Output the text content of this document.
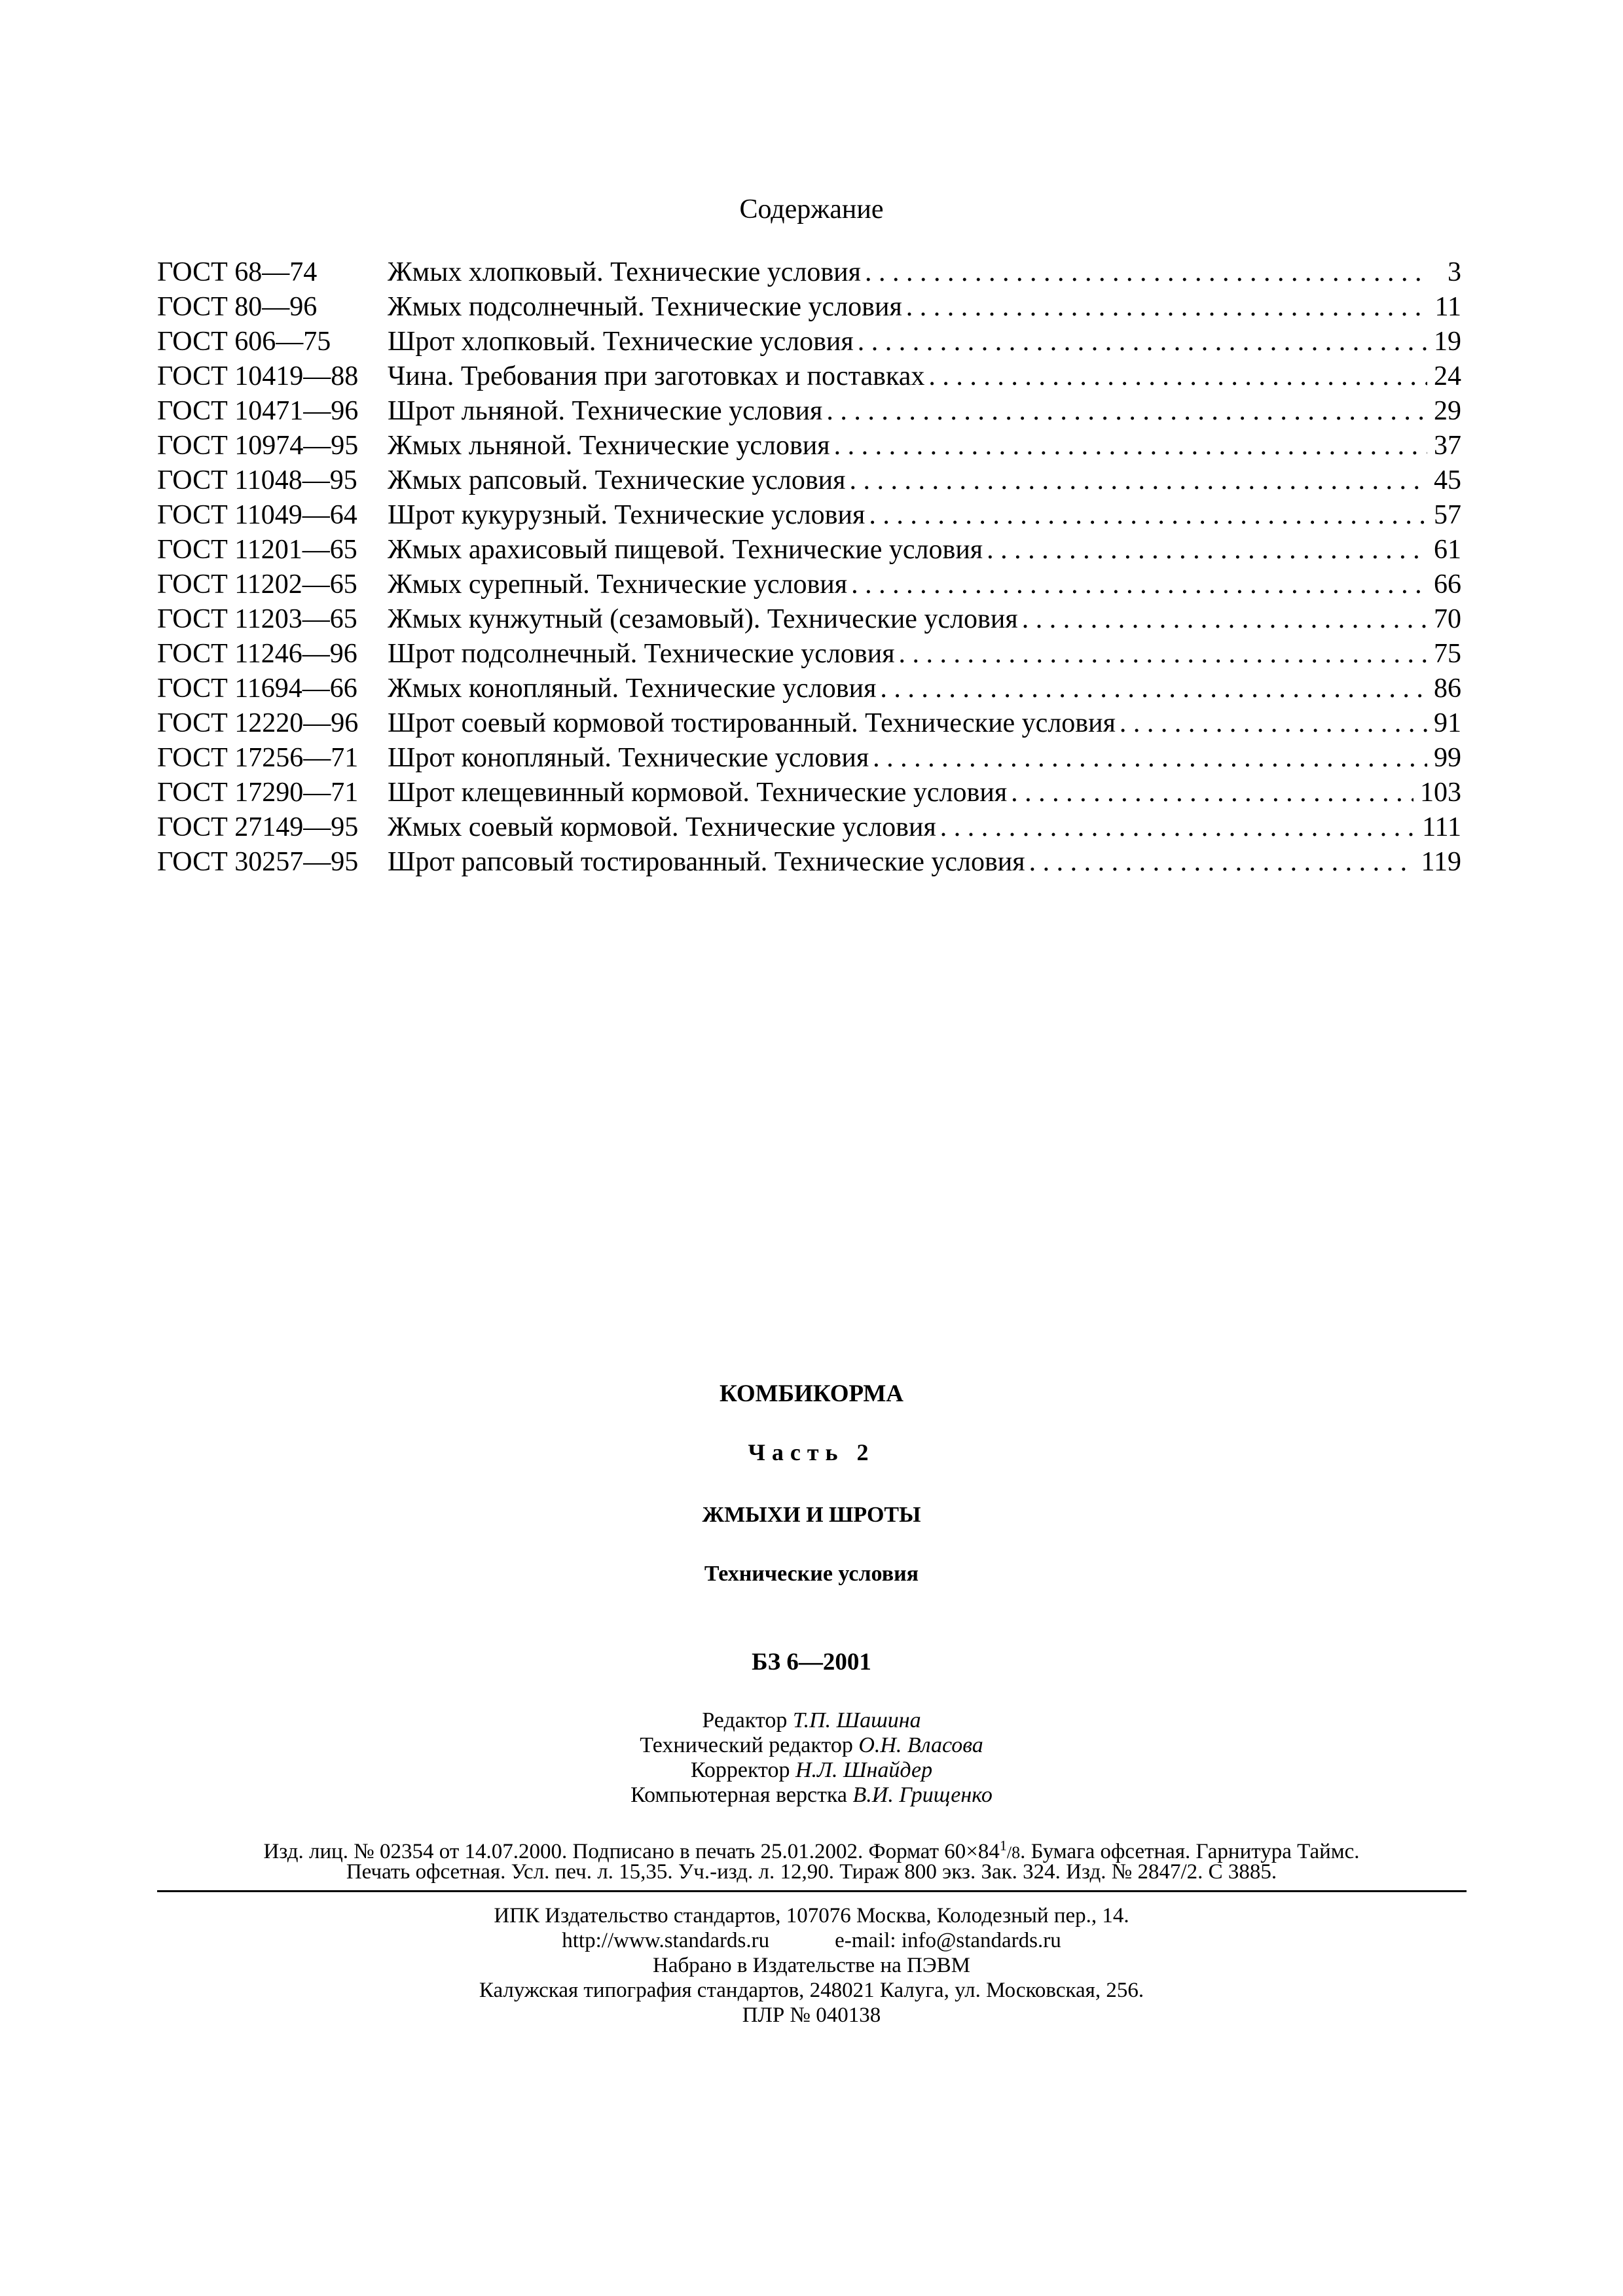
Содержание
ГОСТ 68—74	Жмых хлопковый. Технические условия . . .	3
ГОСТ 80—96	Жмых подсолнечный. Технические условия . . .	11
ГОСТ 606—75	Шрот хлопковый. Технические условия . . .	19
ГОСТ 10419—88	Чина. Требования при заготовках и поставках . . .	24
ГОСТ 10471—96	Шрот льняной. Технические условия . . .	29
ГОСТ 10974—95	Жмых льняной. Технические условия . . .	37
ГОСТ 11048—95	Жмых рапсовый. Технические условия . . .	45
ГОСТ 11049—64	Шрот кукурузный. Технические условия . . .	57
ГОСТ 11201—65	Жмых арахисовый пищевой. Технические условия . . .	61
ГОСТ 11202—65	Жмых сурепный. Технические условия . . .	66
ГОСТ 11203—65	Жмых кунжутный (сезамовый). Технические условия . . .	70
ГОСТ 11246—96	Шрот подсолнечный. Технические условия . . .	75
ГОСТ 11694—66	Жмых конопляный. Технические условия . . .	86
ГОСТ 12220—96	Шрот соевый кормовой тостированный. Технические условия . . .	91
ГОСТ 17256—71	Шрот конопляный. Технические условия . . .	99
ГОСТ 17290—71	Шрот клещевинный кормовой. Технические условия . . .	103
ГОСТ 27149—95	Жмых соевый кормовой. Технические условия . . .	111
ГОСТ 30257—95	Шрот рапсовый тостированный. Технические условия . . .	119
КОМБИКОРМА
Часть 2
ЖМЫХИ И ШРОТЫ
Технические условия
БЗ 6—2001
Редактор Т.П. Шашина
Технический редактор О.Н. Власова
Корректор Н.Л. Шнайдер
Компьютерная верстка В.И. Грищенко
Изд. лиц. № 02354 от 14.07.2000. Подписано в печать 25.01.2002. Формат $60\times 84^1/8$. Бумага офсетная. Гарнитура Таймс.
Печать офсетная. Усл. печ. л. 15,35. Уч.-изд. л. 12,90. Тираж 800 экз. Зак. 324. Изд. № 2847/2. С 3885.
ИПК Издательство стандартов, 107076 Москва, Колодезный пер., 14.
http://www.standards.ru	e-mail: info@standards.ru
Набрано в Издательстве на ПЭВМ
Калужская типография стандартов, 248021 Калуга, ул. Московская, 256.
ПЛР № 040138
